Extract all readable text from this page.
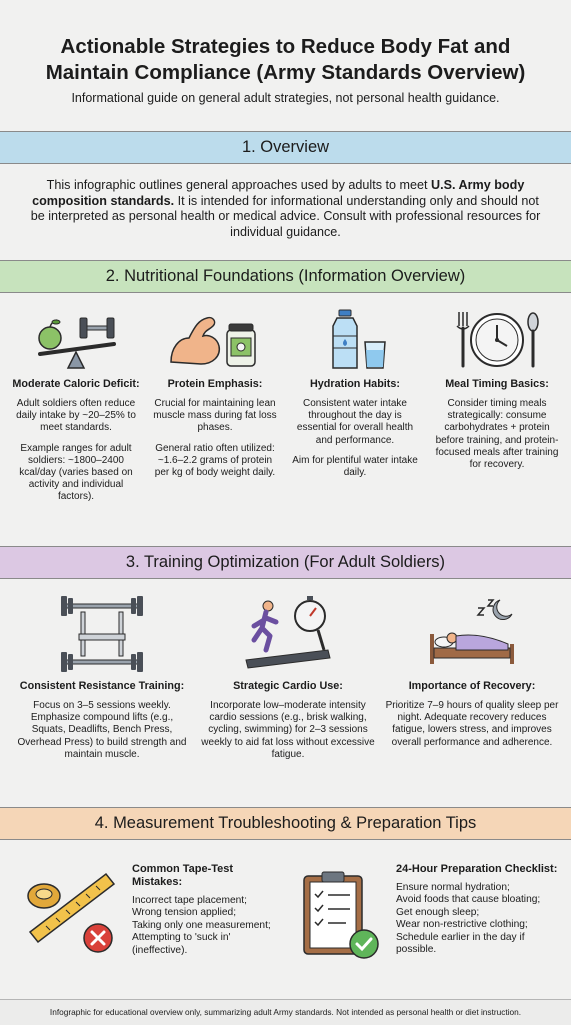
Actionable Strategies to Reduce Body Fat and
Maintain Compliance (Army Standards Overview)
Informational guide on general adult strategies, not personal health guidance.
1. Overview
This infographic outlines general approaches used by adults to meet U.S. Army body composition standards. It is intended for informational understanding only and should not be interpreted as personal health or medical advice. Consult with professional resources for individual guidance.
2. Nutritional Foundations (Information Overview)
Moderate Caloric Deficit:

Adult soldiers often reduce daily intake by ~20–25% to meet standards.

Example ranges for adult soldiers: ~1800–2400 kcal/day (varies based on activity and individual factors).

Protein Emphasis:

Crucial for maintaining lean muscle mass during fat loss phases.

General ratio often utilized: ~1.6–2.2 grams of protein per kg of body weight daily.

Hydration Habits:

Consistent water intake throughout the day is essential for overall health and performance.

Aim for plentiful water intake daily.

Meal Timing Basics:

Consider timing meals strategically: consume carbohydrates + protein before training, and protein-focused meals after training for recovery.

3. Training Optimization (For Adult Soldiers)
Consistent Resistance Training:

Focus on 3–5 sessions weekly. Emphasize compound lifts (e.g., Squats, Deadlifts, Bench Press, Overhead Press) to build strength and maintain muscle.

Strategic Cardio Use:

Incorporate low–moderate intensity cardio sessions (e.g., brisk walking, cycling, swimming) for 2–3 sessions weekly to aid fat loss without excessive fatigue.

Importance of Recovery:

Prioritize 7–9 hours of quality sleep per night. Adequate recovery reduces fatigue, lowers stress, and improves overall performance and adherence.

4. Measurement Troubleshooting & Preparation Tips
Common Tape-Test Mistakes:

Incorrect tape placement;

Wrong tension applied;

Taking only one measurement;

Attempting to 'suck in' (ineffective).

24-Hour Preparation Checklist:

Ensure normal hydration;

Avoid foods that cause bloating;

Get enough sleep;

Wear non-restrictive clothing;

Schedule earlier in the day if possible.

Infographic for educational overview only, summarizing adult Army standards. Not intended as personal health or diet instruction.
